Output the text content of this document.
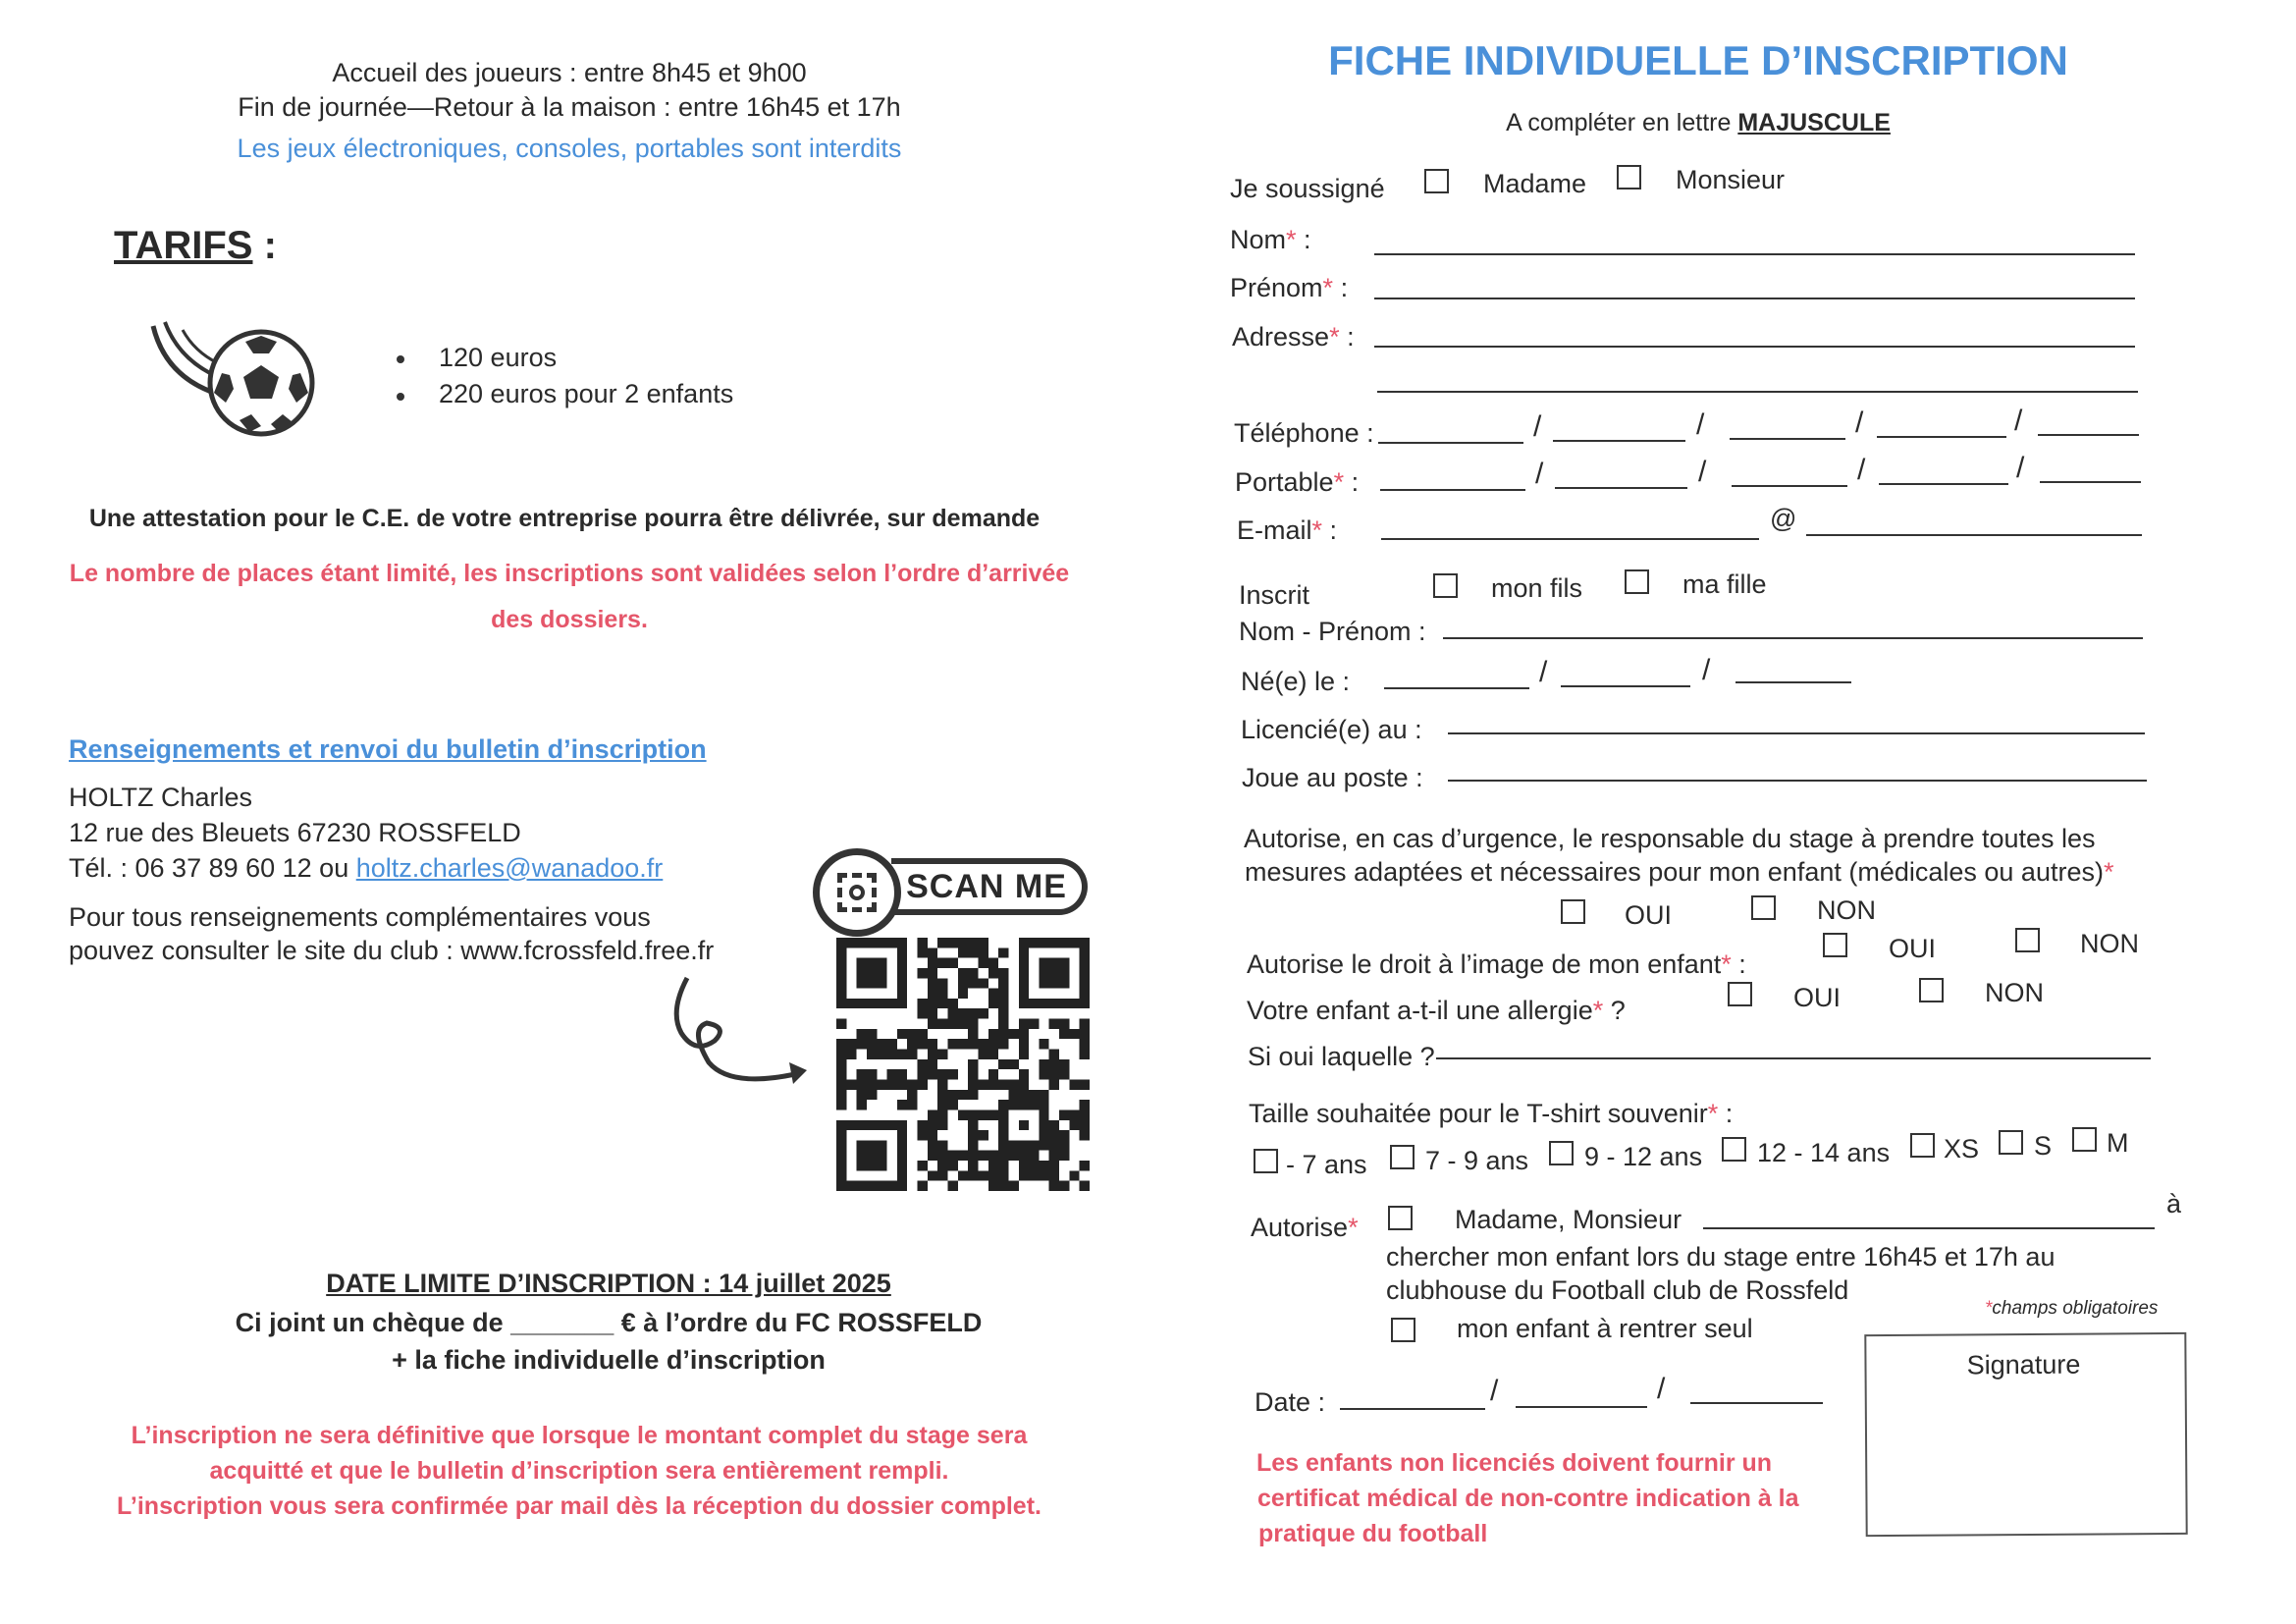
Accueil des joueurs : entre 8h45 et 9h00
Fin de journée—Retour à la maison : entre 16h45 et 17h
Les jeux électroniques, consoles, portables sont interdits
TARIFS :
120 euros
220 euros pour 2 enfants
Une attestation pour le C.E. de votre entreprise pourra être délivrée, sur demande
Le nombre de places étant limité, les inscriptions sont validées selon l’ordre d’arrivée
des dossiers.
Renseignements et renvoi du bulletin d’inscription
HOLTZ Charles
12 rue des Bleuets 67230 ROSSFELD
Tél. : 06 37 89 60 12 ou holtz.charles@wanadoo.fr
Pour tous renseignements complémentaires vous
pouvez consulter le site du club : www.fcrossfeld.free.fr
SCAN ME
DATE LIMITE D’INSCRIPTION : 14 juillet 2025
Ci joint un chèque de _______ € à l’ordre du FC ROSSFELD
+ la fiche individuelle d’inscription
L’inscription ne sera définitive que lorsque le montant complet du stage sera
acquitté et que le bulletin d’inscription sera entièrement rempli.
L’inscription vous sera confirmée par mail dès la réception du dossier complet.
FICHE INDIVIDUELLE D’INSCRIPTION
A compléter en lettre MAJUSCULE
Je soussigné	Madame	Monsieur
Nom* :
Prénom* :
Adresse* :
Téléphone :	/	/	/	/
Portable* :	/	/	/	/
E-mail* :	@
Inscrit	mon fils	ma fille
Nom - Prénom :
Né(e) le :	/	/
Licencié(e) au :
Joue au poste :
Autorise, en cas d’urgence, le responsable du stage à prendre toutes les
mesures adaptées et nécessaires pour mon enfant (médicales ou autres)*
OUI	NON
Autorise le droit à l’image de mon enfant* :
OUI	NON
Votre enfant a-t-il une allergie* ?	OUI	NON
Si oui laquelle ?
Taille souhaitée pour le T-shirt souvenir* :
- 7 ans 7 - 9 ans 9 - 12 ans 12 - 14 ans XS S M
Autorise*	Madame, Monsieur
à
chercher mon enfant lors du stage entre 16h45 et 17h au
clubhouse du Football club de Rossfeld
mon enfant à rentrer seul
*champs obligatoires
Signature
Date :	/	/
Les enfants non licenciés doivent fournir un
certificat médical de non-contre indication à la
pratique du football
